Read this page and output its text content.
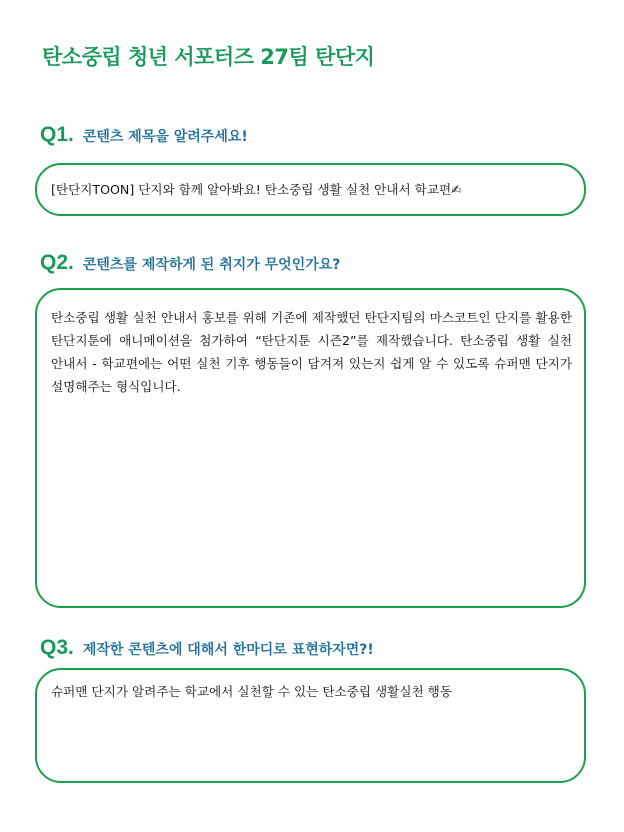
탄소중립 청년 서포터즈 27팀 탄단지
Q1. 콘텐츠 제목을 알려주세요!
[탄단지TOON] 단지와 함께 알아봐요! 탄소중립 생활 실천 안내서 학교편✍
Q2. 콘텐츠를 제작하게 된 취지가 무엇인가요?
탄소중립 생활 실천 안내서 홍보를 위해 기존에 제작했던 탄단지팀의 마스코트인 단지를 활용한 탄단지툰에 애니메이션을 첨가하여 “탄단지툰 시즌2”를 제작했습니다. 탄소중립 생활 실천 안내서 - 학교편에는 어떤 실천 기후 행동들이 담겨져 있는지 쉽게 알 수 있도록 슈퍼맨 단지가 설명해주는 형식입니다.
Q3. 제작한 콘텐츠에 대해서 한마디로 표현하자면?!
슈퍼맨 단지가 알려주는 학교에서 실천할 수 있는 탄소중립 생활실천 행동
